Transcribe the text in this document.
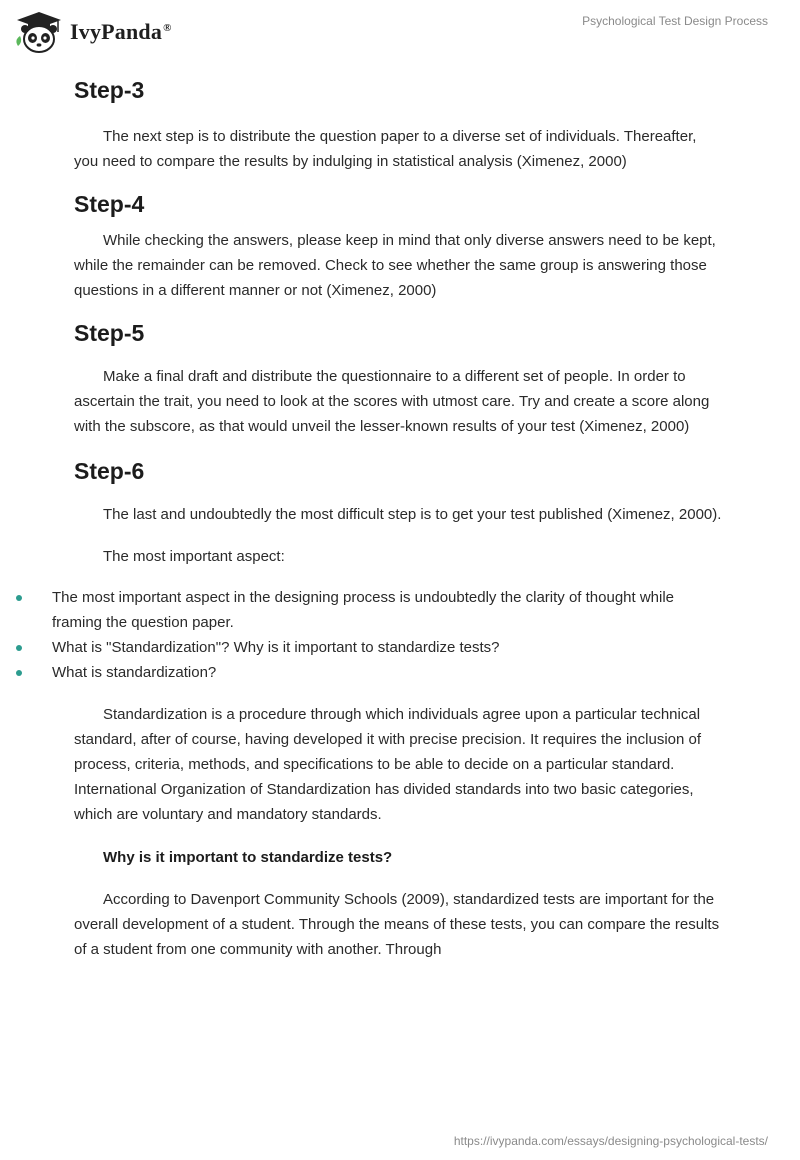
IvyPanda®	Psychological Test Design Process
Step-3

The next step is to distribute the question paper to a diverse set of individuals. Thereafter, you need to compare the results by indulging in statistical analysis (Ximenez, 2000)

Step-4

While checking the answers, please keep in mind that only diverse answers need to be kept, while the remainder can be removed. Check to see whether the same group is answering those questions in a different manner or not (Ximenez, 2000)

Step-5

Make a final draft and distribute the questionnaire to a different set of people. In order to ascertain the trait, you need to look at the scores with utmost care. Try and create a score along with the subscore, as that would unveil the lesser-known results of your test (Ximenez, 2000)

Step-6

The last and undoubtedly the most difficult step is to get your test published (Ximenez, 2000).

The most important aspect:

The most important aspect in the designing process is undoubtedly the clarity of thought while framing the question paper.
What is "Standardization"? Why is it important to standardize tests?
What is standardization?

Standardization is a procedure through which individuals agree upon a particular technical standard, after of course, having developed it with precise precision. It requires the inclusion of process, criteria, methods, and specifications to be able to decide on a particular standard. International Organization of Standardization has divided standards into two basic categories, which are voluntary and mandatory standards.

Why is it important to standardize tests?

According to Davenport Community Schools (2009), standardized tests are important for the overall development of a student. Through the means of these tests, you can compare the results of a student from one community with another. Through

https://ivypanda.com/essays/designing-psychological-tests/
